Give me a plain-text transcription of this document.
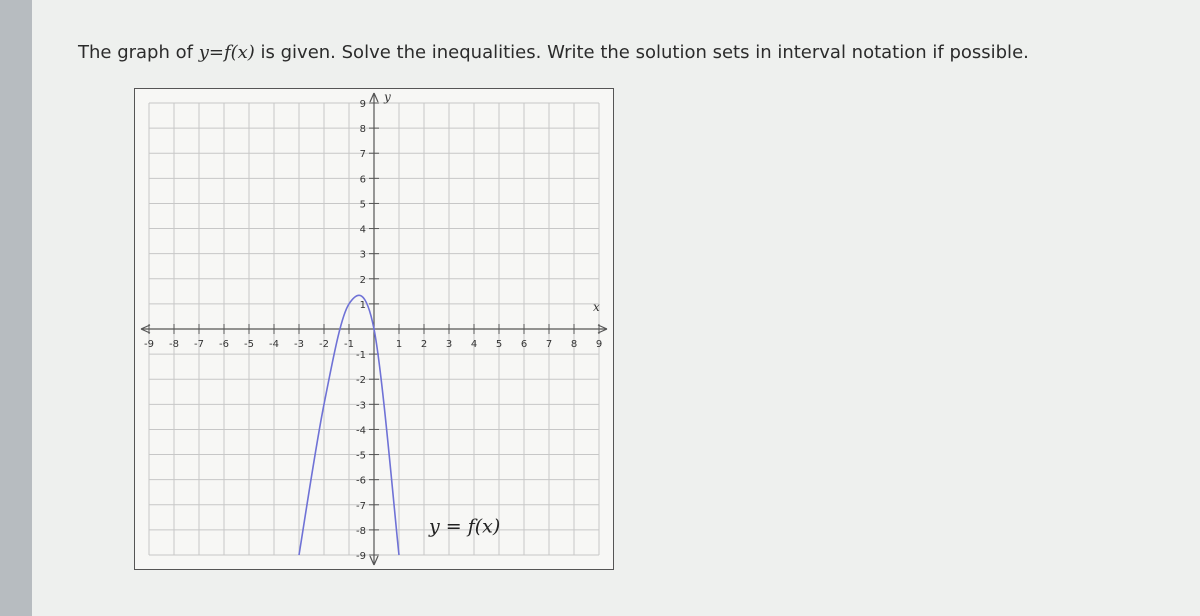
The graph of y=f(x) is given. Solve the inequalities. Write the solution sets in interval notation if possible.
-9 -8 -7 -6 -5 -4 -3 -2 -1	1 2 3 4 5 6 7 8 9
9
8
7
6
5
4
3
2
1
-1
-2
-3
-4
-5
-6
-7
-8
-9
x
y
y = f(x)
